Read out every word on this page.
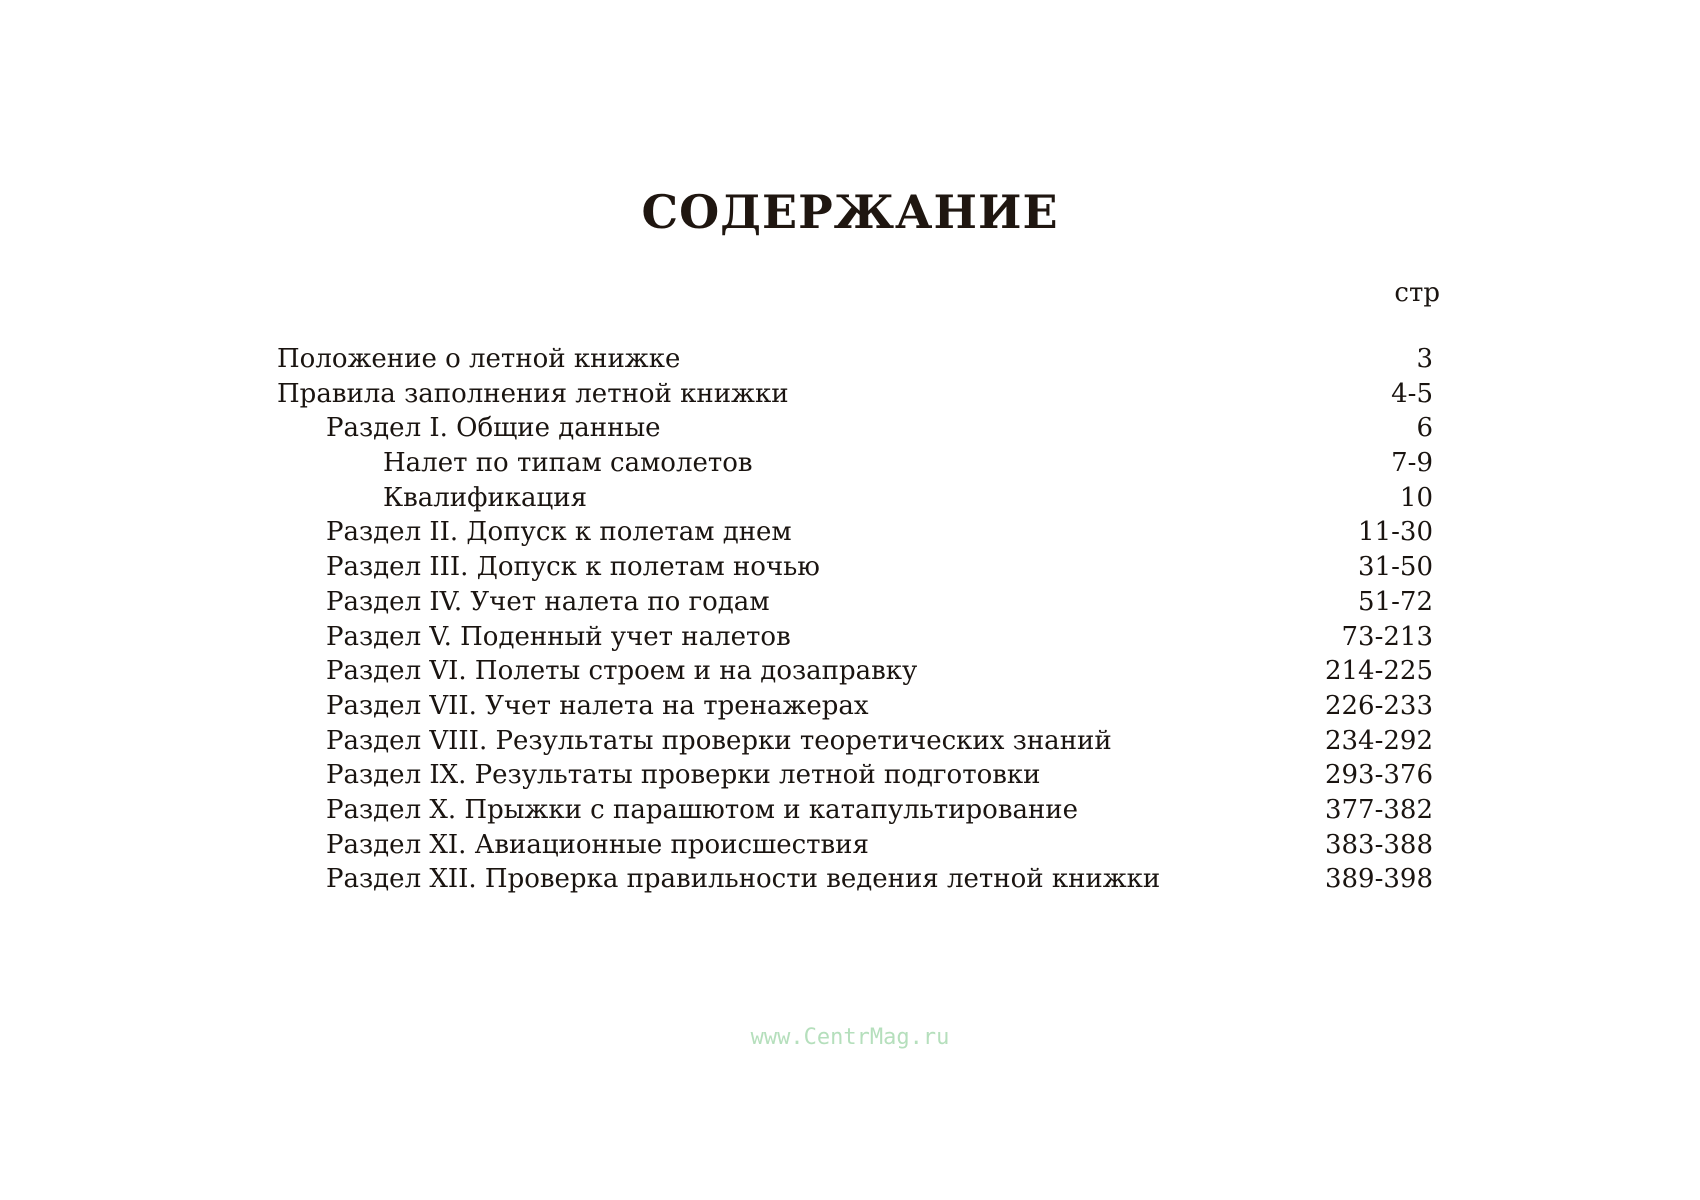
СОДЕРЖАНИЕ
стр
Положение о летной книжке	3
Правила заполнения летной книжки	4-5
Раздел I. Общие данные	6
Налет по типам самолетов	7-9
Квалификация	10
Раздел II. Допуск к полетам днем	11-30
Раздел III. Допуск к полетам ночью	31-50
Раздел IV. Учет налета по годам	51-72
Раздел V. Поденный учет налетов	73-213
Раздел VI. Полеты строем и на дозаправку	214-225
Раздел VII. Учет налета на тренажерах	226-233
Раздел VIII. Результаты проверки теоретических знаний	234-292
Раздел IX. Результаты проверки летной подготовки	293-376
Раздел X. Прыжки с парашютом и катапультирование	377-382
Раздел XI. Авиационные происшествия	383-388
Раздел XII. Проверка правильности ведения летной книжки	389-398
www.CentrMag.ru
